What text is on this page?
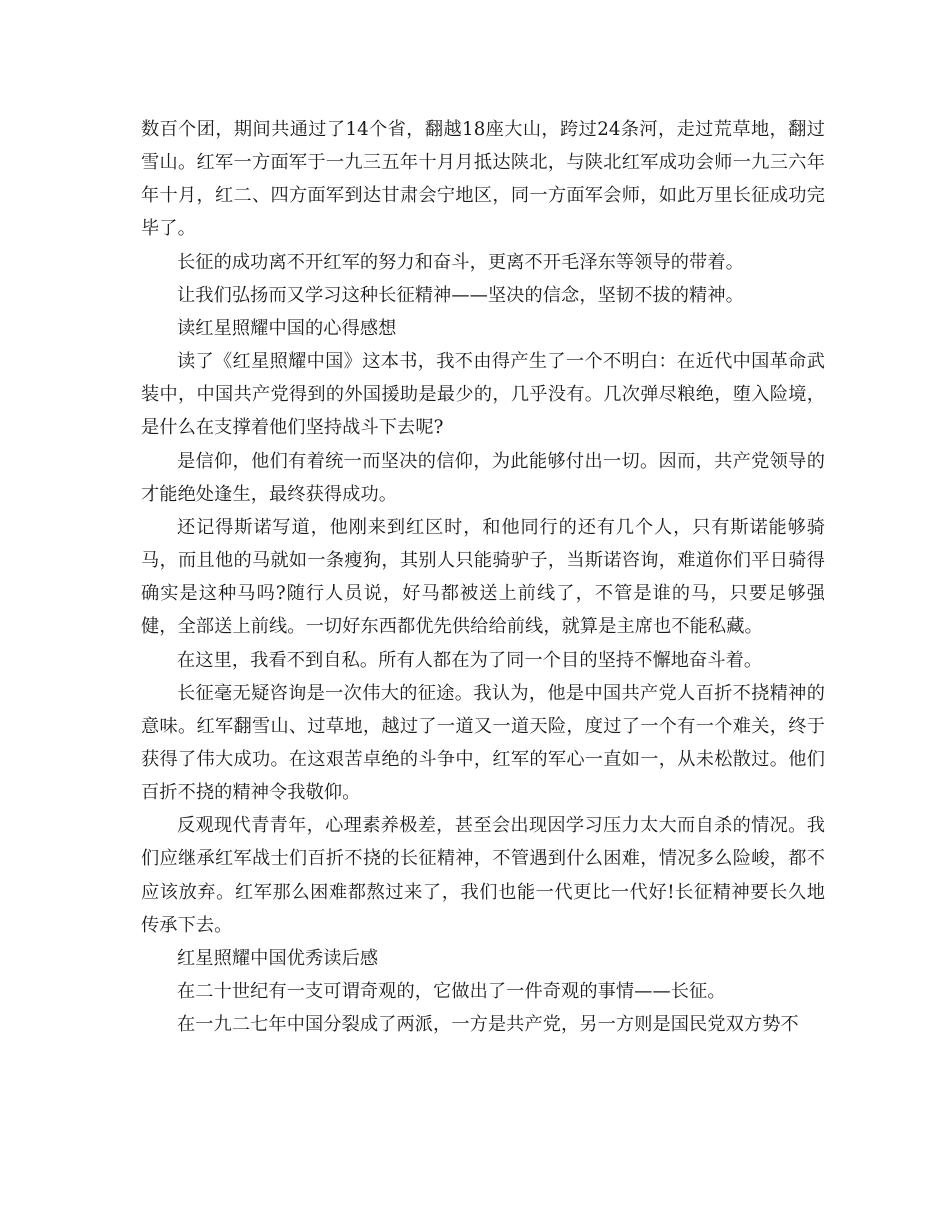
数百个团，期间共通过了14个省，翻越18座大山，跨过24条河，走过荒草地，翻过雪山。红军一方面军于一九三五年十月月抵达陕北，与陕北红军成功会师一九三六年年十月，红二、四方面军到达甘肃会宁地区，同一方面军会师，如此万里长征成功完毕了。

长征的成功离不开红军的努力和奋斗，更离不开毛泽东等领导的带着。

让我们弘扬而又学习这种长征精神——坚决的信念，坚韧不拔的精神。

读红星照耀中国的心得感想

读了《红星照耀中国》这本书，我不由得产生了一个不明白：在近代中国革命武装中，中国共产党得到的外国援助是最少的，几乎没有。几次弹尽粮绝，堕入险境，是什么在支撑着他们坚持战斗下去呢?

是信仰，他们有着统一而坚决的信仰，为此能够付出一切。因而，共产党领导的才能绝处逢生，最终获得成功。

还记得斯诺写道，他刚来到红区时，和他同行的还有几个人，只有斯诺能够骑马，而且他的马就如一条瘦狗，其别人只能骑驴子，当斯诺咨询，难道你们平日骑得确实是这种马吗?随行人员说，好马都被送上前线了，不管是谁的马，只要足够强健，全部送上前线。一切好东西都优先供给给前线，就算是主席也不能私藏。

在这里，我看不到自私。所有人都在为了同一个目的坚持不懈地奋斗着。

长征毫无疑咨询是一次伟大的征途。我认为，他是中国共产党人百折不挠精神的意味。红军翻雪山、过草地，越过了一道又一道天险，度过了一个有一个难关，终于获得了伟大成功。在这艰苦卓绝的斗争中，红军的军心一直如一，从未松散过。他们百折不挠的精神令我敬仰。

反观现代青青年，心理素养极差，甚至会出现因学习压力太大而自杀的情况。我们应继承红军战士们百折不挠的长征精神，不管遇到什么困难，情况多么险峻，都不应该放弃。红军那么困难都熬过来了，我们也能一代更比一代好!长征精神要长久地传承下去。

红星照耀中国优秀读后感

在二十世纪有一支可谓奇观的，它做出了一件奇观的事情——长征。

在一九二七年中国分裂成了两派，一方是共产党，另一方则是国民党双方势不
